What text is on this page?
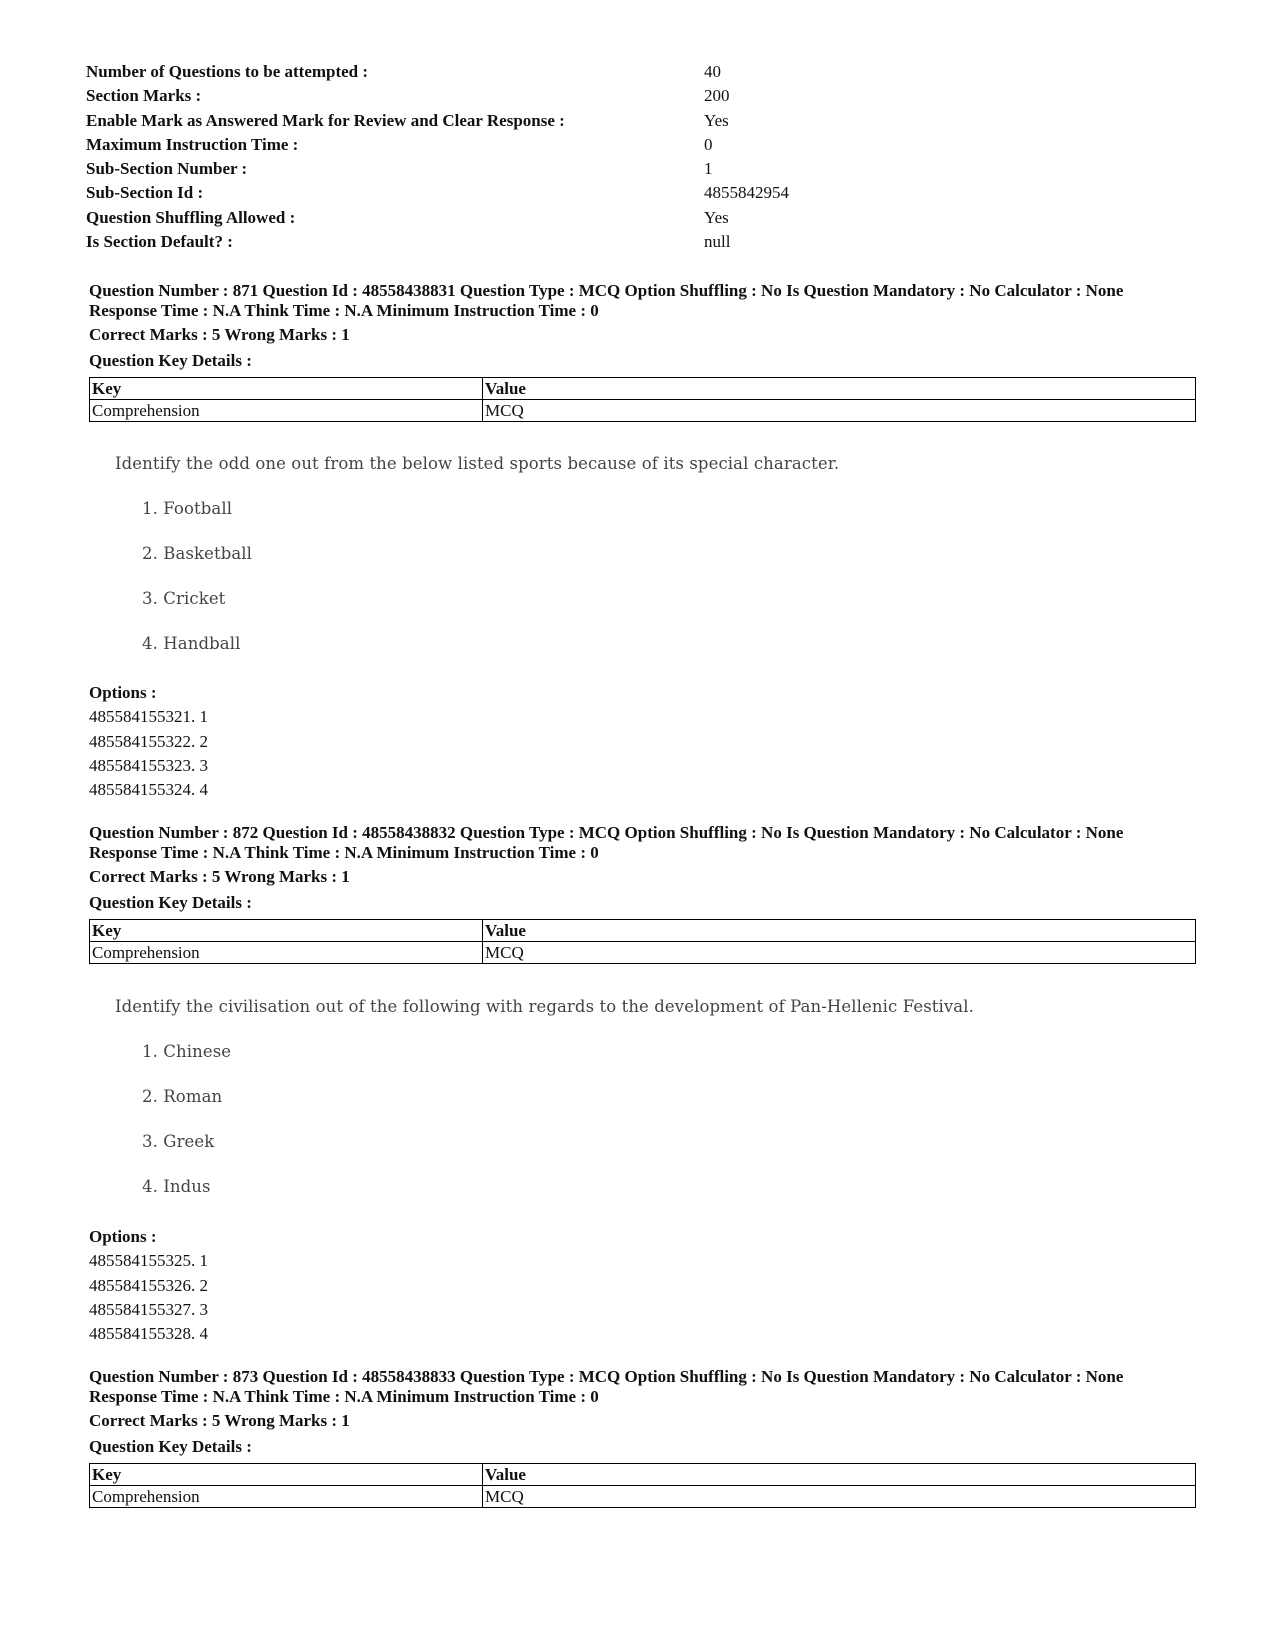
Number of Questions to be attempted :	40
Section Marks :	200
Enable Mark as Answered Mark for Review and Clear Response :	Yes
Maximum Instruction Time :	0
Sub-Section Number :	1
Sub-Section Id :	4855842954
Question Shuffling Allowed :	Yes
Is Section Default? :	null
Question Number : 871 Question Id : 48558438831 Question Type : MCQ Option Shuffling : No Is Question Mandatory : No Calculator : None
Response Time : N.A Think Time : N.A Minimum Instruction Time : 0
Correct Marks : 5 Wrong Marks : 1
Question Key Details :
Key	Value
Comprehension	MCQ
Identify the odd one out from the below listed sports because of its special character.
1. Football
2. Basketball
3. Cricket
4. Handball
Options :
485584155321. 1
485584155322. 2
485584155323. 3
485584155324. 4
Question Number : 872 Question Id : 48558438832 Question Type : MCQ Option Shuffling : No Is Question Mandatory : No Calculator : None
Response Time : N.A Think Time : N.A Minimum Instruction Time : 0
Correct Marks : 5 Wrong Marks : 1
Question Key Details :
Key	Value
Comprehension	MCQ
Identify the civilisation out of the following with regards to the development of Pan-Hellenic Festival.
1. Chinese
2. Roman
3. Greek
4. Indus
Options :
485584155325. 1
485584155326. 2
485584155327. 3
485584155328. 4
Question Number : 873 Question Id : 48558438833 Question Type : MCQ Option Shuffling : No Is Question Mandatory : No Calculator : None
Response Time : N.A Think Time : N.A Minimum Instruction Time : 0
Correct Marks : 5 Wrong Marks : 1
Question Key Details :
Key	Value
Comprehension	MCQ
